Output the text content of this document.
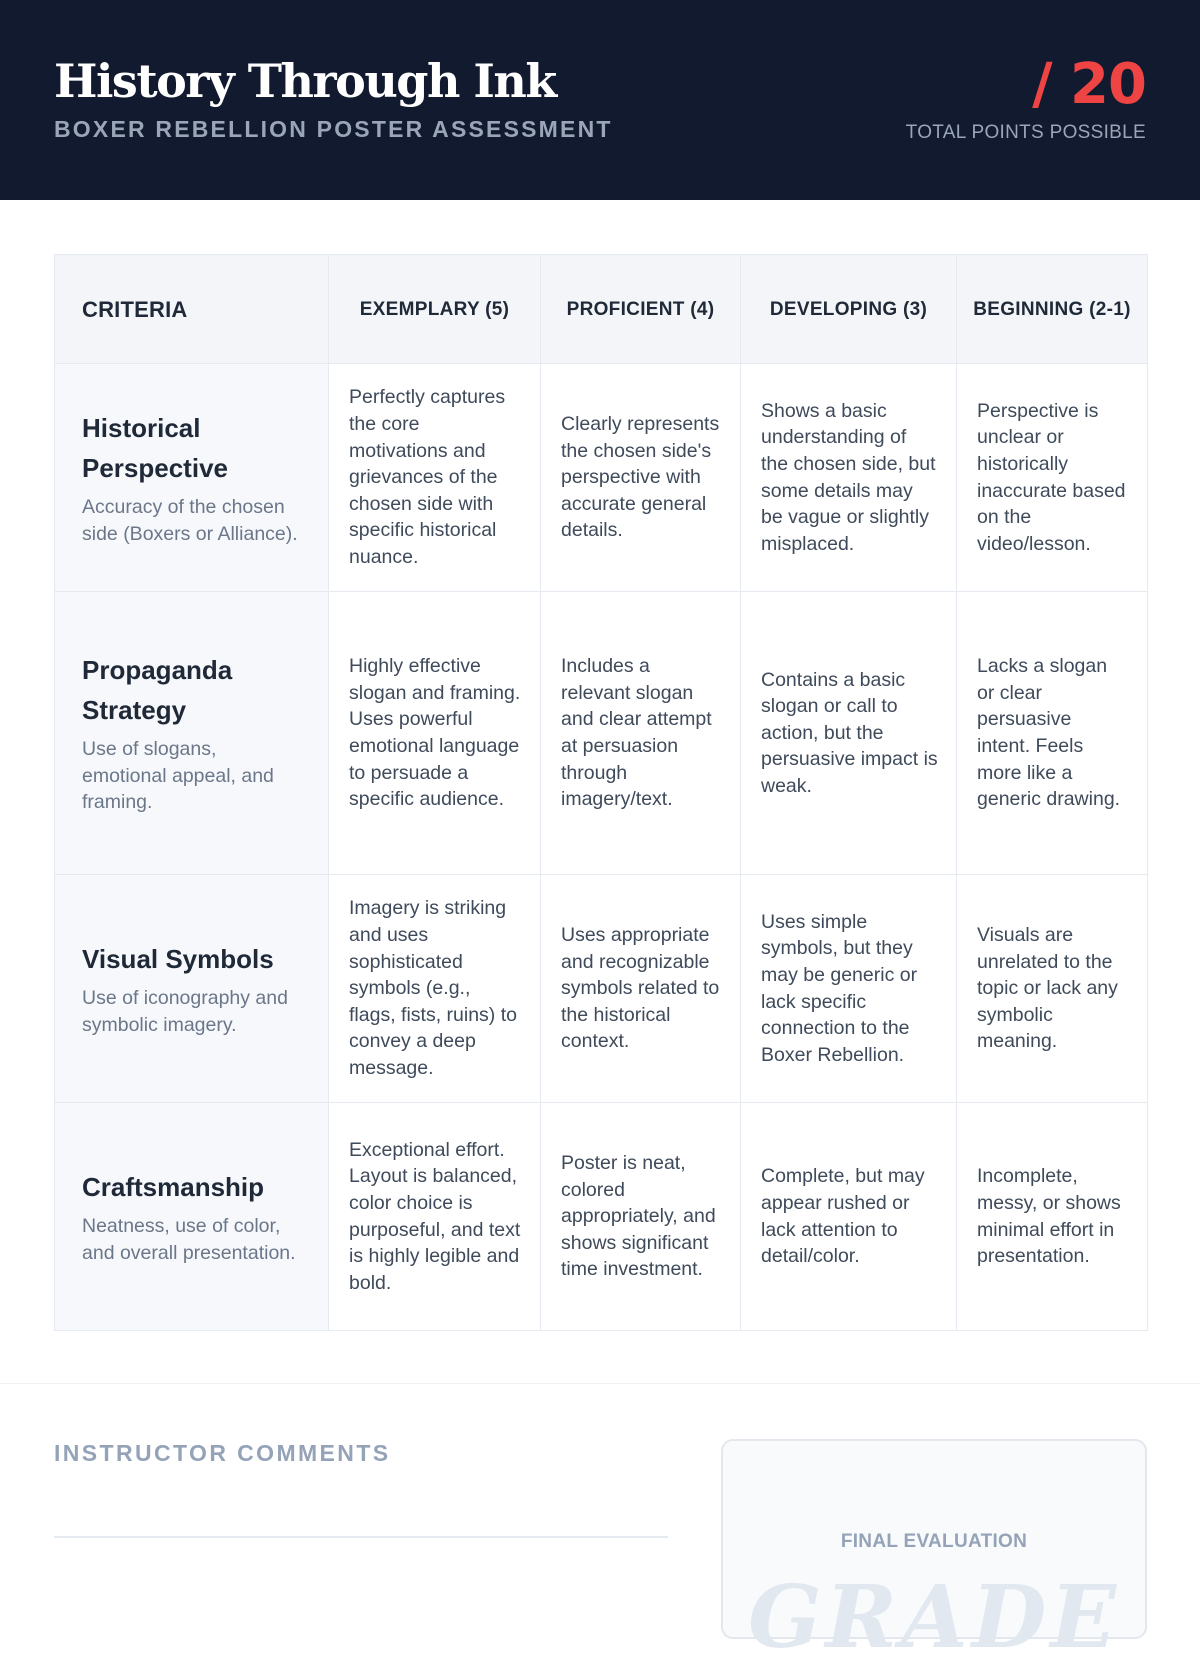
History Through Ink
BOXER REBELLION POSTER ASSESSMENT
/ 20
TOTAL POINTS POSSIBLE
CRITERIA	EXEMPLARY (5)	PROFICIENT (4)	DEVELOPING (3)	BEGINNING (2-1)

Historical Perspective
Accuracy of the chosen side (Boxers or Alliance).	Perfectly captures the core motivations and grievances of the chosen side with specific historical nuance.	Clearly represents the chosen side's perspective with accurate general details.	Shows a basic understanding of the chosen side, but some details may be vague or slightly misplaced.	Perspective is unclear or historically inaccurate based on the video/lesson.

Propaganda Strategy
Use of slogans, emotional appeal, and framing.	Highly effective slogan and framing. Uses powerful emotional language to persuade a specific audience.	Includes a relevant slogan and clear attempt at persuasion through imagery/text.	Contains a basic slogan or call to action, but the persuasive impact is weak.	Lacks a slogan or clear persuasive intent. Feels more like a generic drawing.

Visual Symbols
Use of iconography and symbolic imagery.	Imagery is striking and uses sophisticated symbols (e.g., flags, fists, ruins) to convey a deep message.	Uses appropriate and recognizable symbols related to the historical context.	Uses simple symbols, but they may be generic or lack specific connection to the Boxer Rebellion.	Visuals are unrelated to the topic or lack any symbolic meaning.

Craftsmanship
Neatness, use of color, and overall presentation.	Exceptional effort. Layout is balanced, color choice is purposeful, and text is highly legible and bold.	Poster is neat, colored appropriately, and shows significant time investment.	Complete, but may appear rushed or lack attention to detail/color.	Incomplete, messy, or shows minimal effort in presentation.
INSTRUCTOR COMMENTS
FINAL EVALUATION
GRADE
